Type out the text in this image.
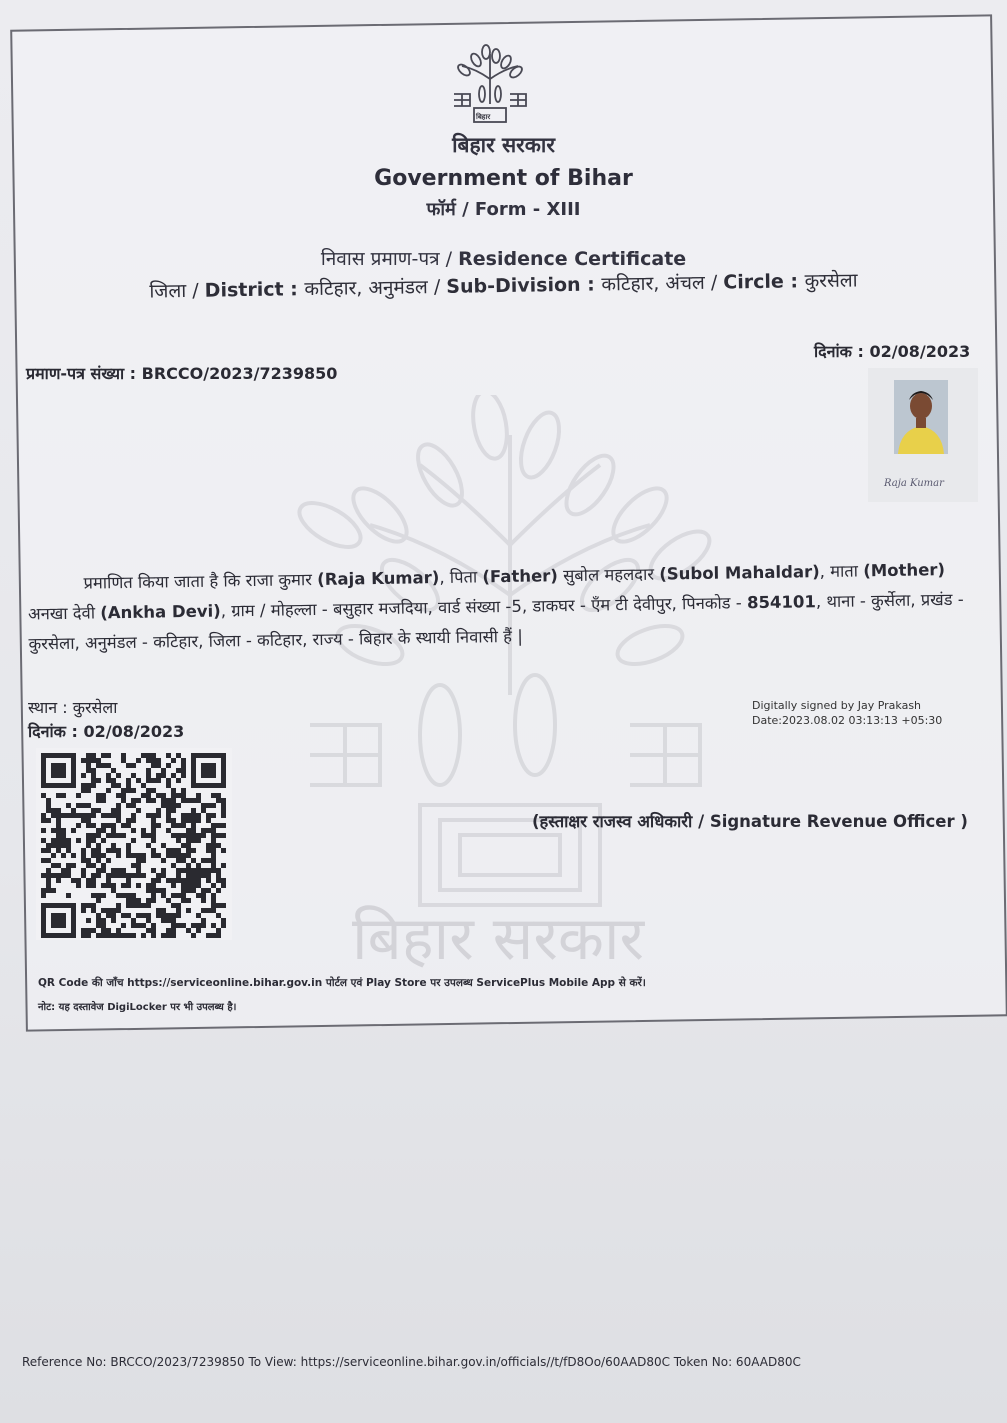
बिहार सरकार
बिहार
बिहार सरकार
Government of Bihar
फॉर्म / Form - XIII
निवास प्रमाण-पत्र / Residence Certificate
जिला / District : कटिहार, अनुमंडल / Sub-Division : कटिहार, अंचल / Circle : कुरसेला
प्रमाण-पत्र संख्या : BRCCO/2023/7239850
दिनांक : 02/08/2023
Raja Kumar
प्रमाणित किया जाता है कि राजा कुमार (Raja Kumar), पिता (Father) सुबोल महलदार (Subol Mahaldar), माता (Mother) अनखा देवी (Ankha Devi), ग्राम / मोहल्ला - बसुहार मजदिया, वार्ड संख्या -5, डाकघर - एँम टी देवीपुर, पिनकोड - 854101, थाना - कुर्सेला, प्रखंड - कुरसेला, अनुमंडल - कटिहार, जिला - कटिहार, राज्य - बिहार के स्थायी निवासी हैं |
स्थान : कुरसेला
दिनांक : 02/08/2023
Digitally signed by Jay Prakash
Date:2023.08.02 03:13:13 +05:30
(हस्ताक्षर राजस्व अधिकारी / Signature Revenue Officer )
QR Code की जाँच https://serviceonline.bihar.gov.in पोर्टल एवं Play Store पर उपलब्ध ServicePlus Mobile App से करें।
नोट: यह दस्तावेज DigiLocker पर भी उपलब्ध है।
Reference No: BRCCO/2023/7239850 To View: https://serviceonline.bihar.gov.in/officials//t/fD8Oo/60AAD80C Token No: 60AAD80C
